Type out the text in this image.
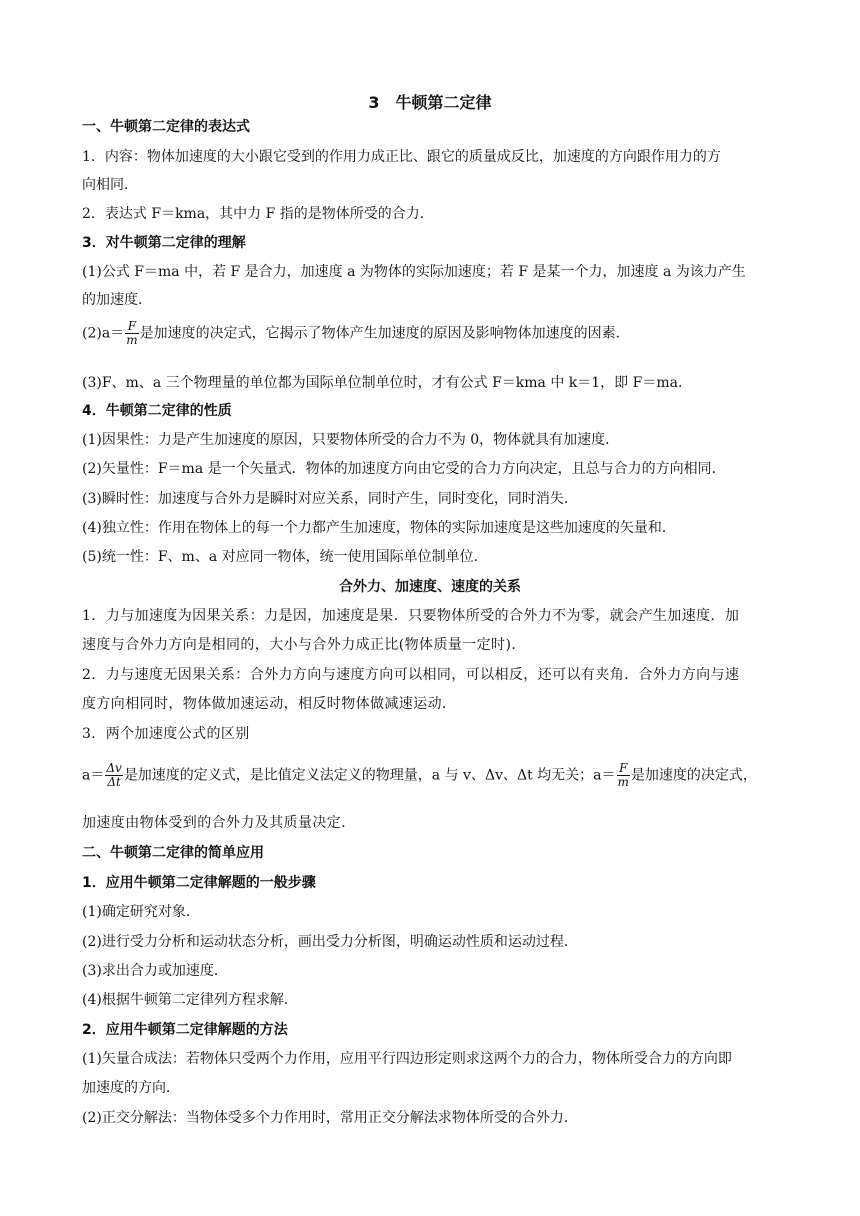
3　牛顿第二定律
一、牛顿第二定律的表达式
1．内容：物体加速度的大小跟它受到的作用力成正比、跟它的质量成反比，加速度的方向跟作用力的方
向相同．
2．表达式 F＝kma，其中力 F 指的是物体所受的合力．
3．对牛顿第二定律的理解
(1)公式 F＝ma 中，若 F 是合力，加速度 a 为物体的实际加速度；若 F 是某一个力，加速度 a 为该力产生
的加速度．
$(2)a= \frac{F}{m}$ 是加速度的决定式，它揭示了物体产生加速度的原因及影响物体加速度的因素．
(3)F、m、a 三个物理量的单位都为国际单位制单位时，才有公式 F＝kma 中 k＝1，即 F＝ma.
4．牛顿第二定律的性质
(1)因果性：力是产生加速度的原因，只要物体所受的合力不为 0，物体就具有加速度．
(2)矢量性：F＝ma 是一个矢量式．物体的加速度方向由它受的合力方向决定，且总与合力的方向相同．
(3)瞬时性：加速度与合外力是瞬时对应关系，同时产生，同时变化，同时消失．
(4)独立性：作用在物体上的每一个力都产生加速度，物体的实际加速度是这些加速度的矢量和．
(5)统一性：F、m、a 对应同一物体，统一使用国际单位制单位.
合外力、加速度、速度的关系
1．力与加速度为因果关系：力是因，加速度是果．只要物体所受的合外力不为零，就会产生加速度．加
速度与合外力方向是相同的，大小与合外力成正比(物体质量一定时)．
2．力与速度无因果关系：合外力方向与速度方向可以相同，可以相反，还可以有夹角．合外力方向与速
度方向相同时，物体做加速运动，相反时物体做减速运动．
3．两个加速度公式的区别
$a= \frac{\Delta v}{\Delta t}$ 是加速度的定义式，是比值定义法定义的物理量，a 与 v、Δv、Δt 均无关；$a= \frac{F}{m}$ 是加速度的决定式，
加速度由物体受到的合外力及其质量决定．
二、牛顿第二定律的简单应用
1．应用牛顿第二定律解题的一般步骤
(1)确定研究对象．
(2)进行受力分析和运动状态分析，画出受力分析图，明确运动性质和运动过程．
(3)求出合力或加速度．
(4)根据牛顿第二定律列方程求解．
2．应用牛顿第二定律解题的方法
(1)矢量合成法：若物体只受两个力作用，应用平行四边形定则求这两个力的合力，物体所受合力的方向即
加速度的方向．
(2)正交分解法：当物体受多个力作用时，常用正交分解法求物体所受的合外力．
